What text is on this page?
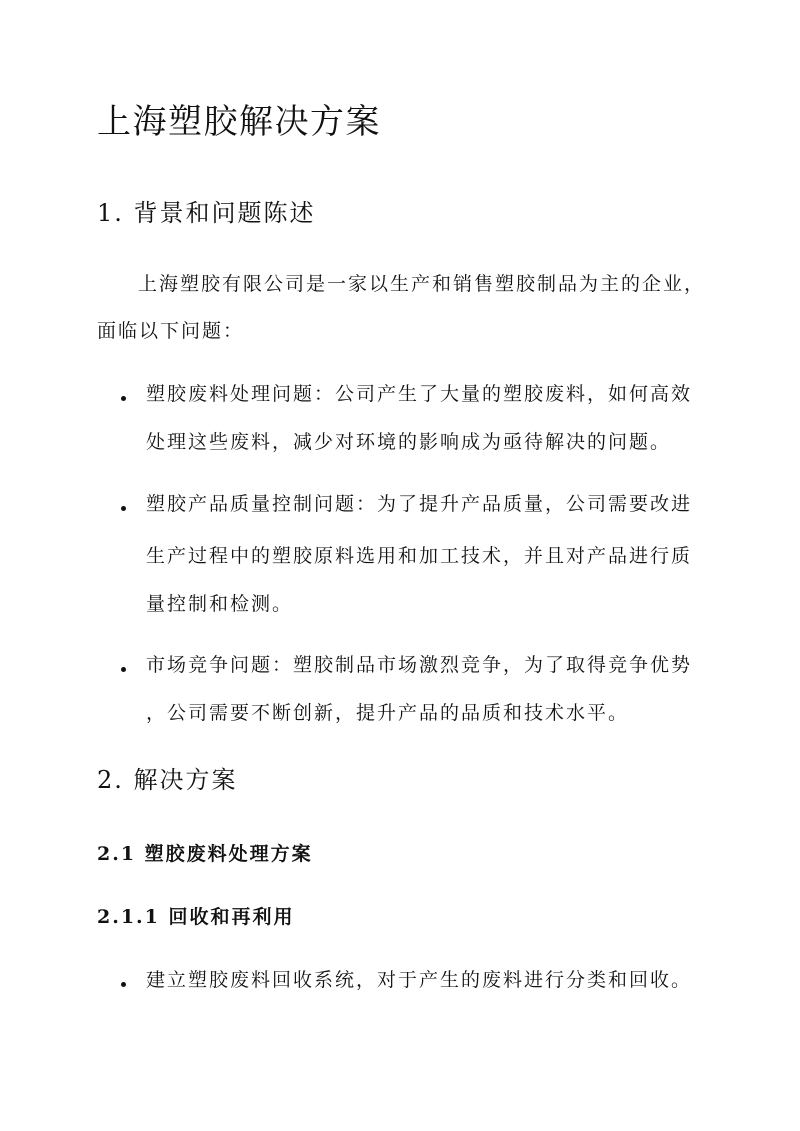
上海塑胶解决方案
1. 背景和问题陈述
上海塑胶有限公司是一家以生产和销售塑胶制品为主的企业，
面临以下问题：
塑胶废料处理问题：公司产生了大量的塑胶废料，如何高效
处理这些废料，减少对环境的影响成为亟待解决的问题。
塑胶产品质量控制问题：为了提升产品质量，公司需要改进
生产过程中的塑胶原料选用和加工技术，并且对产品进行质
量控制和检测。
市场竞争问题：塑胶制品市场激烈竞争，为了取得竞争优势
，公司需要不断创新，提升产品的品质和技术水平。
2. 解决方案
2.1 塑胶废料处理方案
2.1.1 回收和再利用
建立塑胶废料回收系统，对于产生的废料进行分类和回收。
